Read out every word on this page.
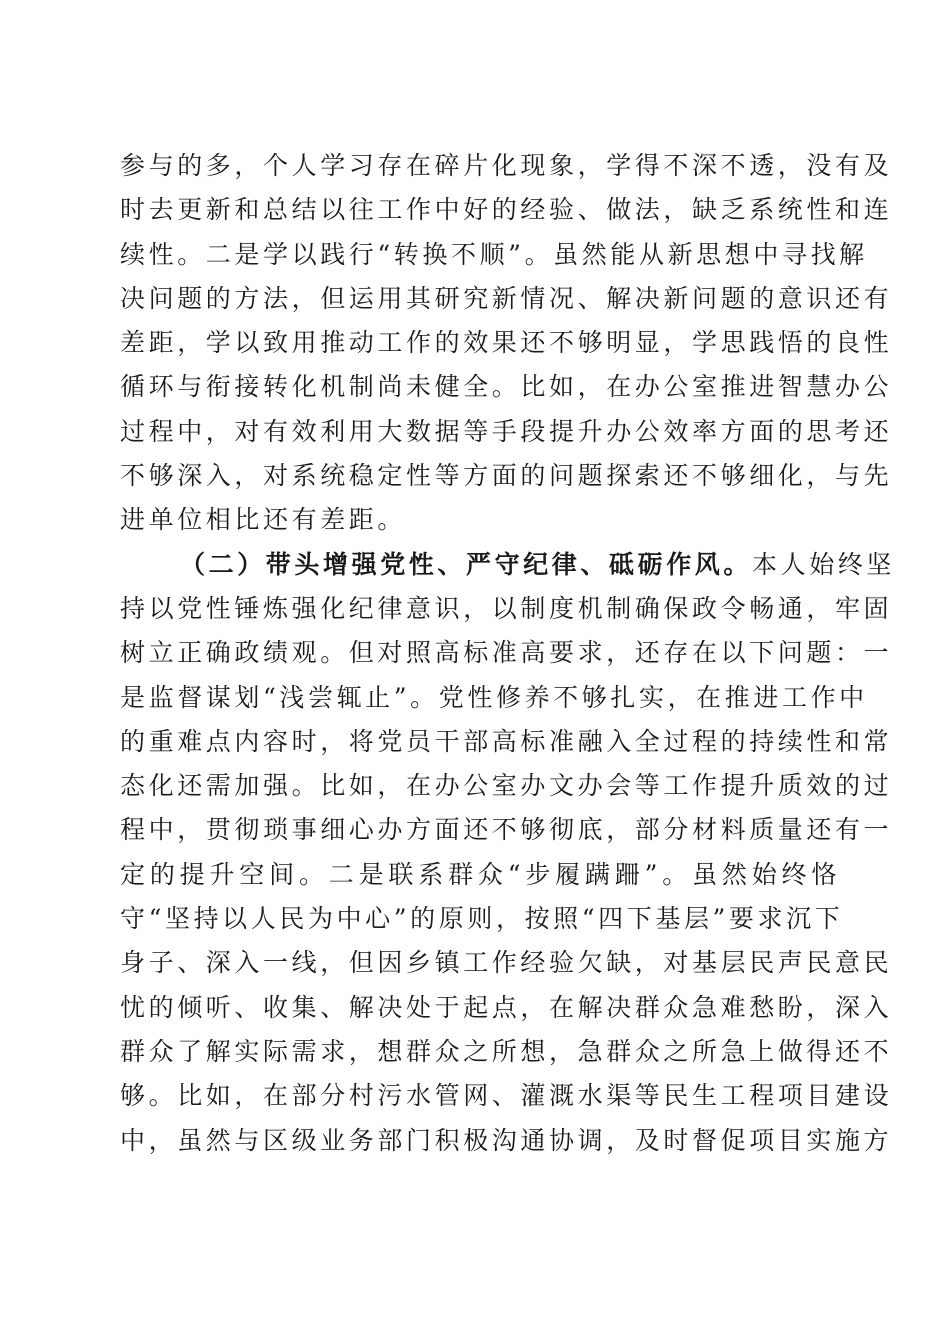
参与的多，个人学习存在碎片化现象，学得不深不透，没有及
时去更新和总结以往工作中好的经验、做法，缺乏系统性和连
续性。二是学以践行“转换不顺”。虽然能从新思想中寻找解
决问题的方法，但运用其研究新情况、解决新问题的意识还有
差距，学以致用推动工作的效果还不够明显，学思践悟的良性
循环与衔接转化机制尚未健全。比如，在办公室推进智慧办公
过程中，对有效利用大数据等手段提升办公效率方面的思考还
不够深入，对系统稳定性等方面的问题探索还不够细化，与先
进单位相比还有差距。
（二）带头增强党性、严守纪律、砥砺作风。本人始终坚
持以党性锤炼强化纪律意识，以制度机制确保政令畅通，牢固
树立正确政绩观。但对照高标准高要求，还存在以下问题：一
是监督谋划“浅尝辄止”。党性修养不够扎实，在推进工作中
的重难点内容时，将党员干部高标准融入全过程的持续性和常
态化还需加强。比如，在办公室办文办会等工作提升质效的过
程中，贯彻琐事细心办方面还不够彻底，部分材料质量还有一
定的提升空间。二是联系群众“步履蹒跚”。虽然始终恪
守“坚持以人民为中心”的原则，按照“四下基层”要求沉下
身子、深入一线，但因乡镇工作经验欠缺，对基层民声民意民
忧的倾听、收集、解决处于起点，在解决群众急难愁盼，深入
群众了解实际需求，想群众之所想，急群众之所急上做得还不
够。比如，在部分村污水管网、灌溉水渠等民生工程项目建设
中，虽然与区级业务部门积极沟通协调，及时督促项目实施方
